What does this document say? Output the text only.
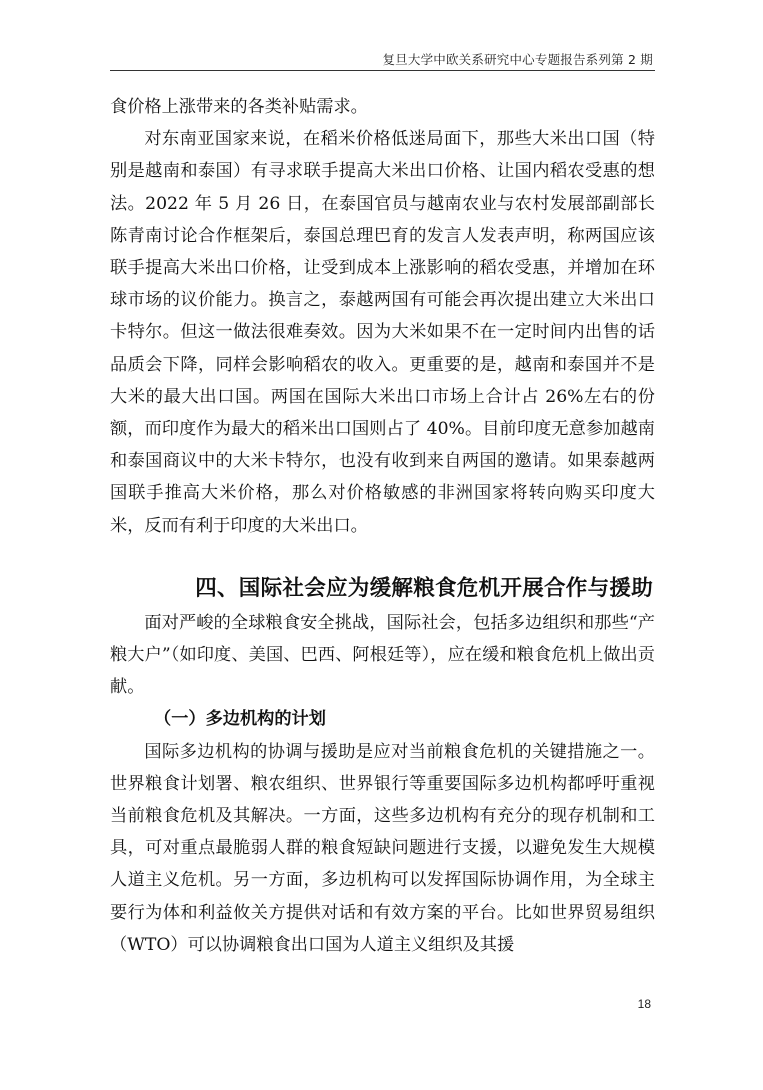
复旦大学中欧关系研究中心专题报告系列第 2 期

食价格上涨带来的各类补贴需求。

对东南亚国家来说，在稻米价格低迷局面下，那些大米出口国（特别是越南和泰国）有寻求联手提高大米出口价格、让国内稻农受惠的想法。2022 年 5 月 26 日，在泰国官员与越南农业与农村发展部副部长陈青南讨论合作框架后，泰国总理巴育的发言人发表声明，称两国应该联手提高大米出口价格，让受到成本上涨影响的稻农受惠，并增加在环球市场的议价能力。换言之，泰越两国有可能会再次提出建立大米出口卡特尔。但这一做法很难奏效。因为大米如果不在一定时间内出售的话品质会下降，同样会影响稻农的收入。更重要的是，越南和泰国并不是大米的最大出口国。两国在国际大米出口市场上合计占 26%左右的份额，而印度作为最大的稻米出口国则占了 40%。目前印度无意参加越南和泰国商议中的大米卡特尔，也没有收到来自两国的邀请。如果泰越两国联手推高大米价格，那么对价格敏感的非洲国家将转向购买印度大米，反而有利于印度的大米出口。

四、国际社会应为缓解粮食危机开展合作与援助

面对严峻的全球粮食安全挑战，国际社会，包括多边组织和那些“产粮大户”（如印度、美国、巴西、阿根廷等），应在缓和粮食危机上做出贡献。

（一）多边机构的计划

国际多边机构的协调与援助是应对当前粮食危机的关键措施之一。世界粮食计划署、粮农组织、世界银行等重要国际多边机构都呼吁重视当前粮食危机及其解决。一方面，这些多边机构有充分的现存机制和工具，可对重点最脆弱人群的粮食短缺问题进行支援，以避免发生大规模人道主义危机。另一方面，多边机构可以发挥国际协调作用，为全球主要行为体和利益攸关方提供对话和有效方案的平台。比如世界贸易组织（WTO）可以协调粮食出口国为人道主义组织及其援

18
